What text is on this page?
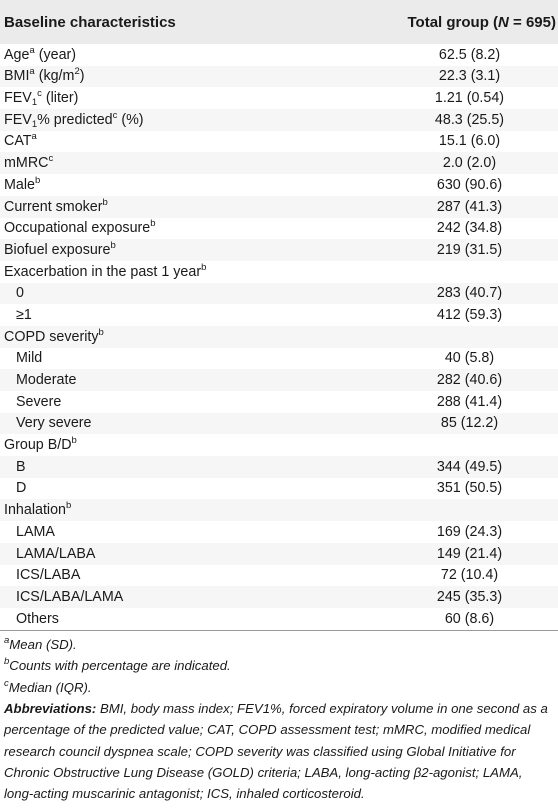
Baseline characteristics	Total group (N = 695)
Age$^a$ (year)	62.5 (8.2)
BMI$^a$ $(kg/m^2)$	22.3 (3.1)
$FEV_1^c$ (liter)	1.21 (0.54)
$FEV_1\%$ predicted$^c$ (%)	48.3 (25.5)
CAT$^a$	15.1 (6.0)
mMRC$^c$	2.0 (2.0)
Male$^b$	630 (90.6)
Current smoker$^b$	287 (41.3)
Occupational exposure$^b$	242 (34.8)
Biofuel exposure$^b$	219 (31.5)
Exacerbation in the past 1 year$^b$	
0	283 (40.7)
≥1	412 (59.3)
COPD severity$^b$	
Mild	40 (5.8)
Moderate	282 (40.6)
Severe	288 (41.4)
Very severe	85 (12.2)
Group $B/D^b$	
B	344 (49.5)
D	351 (50.5)
Inhalation$^b$	
LAMA	169 (24.3)
LAMA/LABA	149 (21.4)
ICS/LABA	72 (10.4)
ICS/LABA/LAMA	245 (35.3)
Others	60 (8.6)
$^a$Mean (SD).
$^b$Counts with percentage are indicated.
$^c$Median (IQR).
Abbreviations: BMI, body mass index; FEV1%, forced expiratory volume in one second as a percentage of the predicted value; CAT, COPD assessment test; mMRC, modified medical research council dyspnea scale; COPD severity was classified using Global Initiative for Chronic Obstructive Lung Disease (GOLD) criteria; LABA, long-acting β2-agonist; LAMA, long-acting muscarinic antagonist; ICS, inhaled corticosteroid.
